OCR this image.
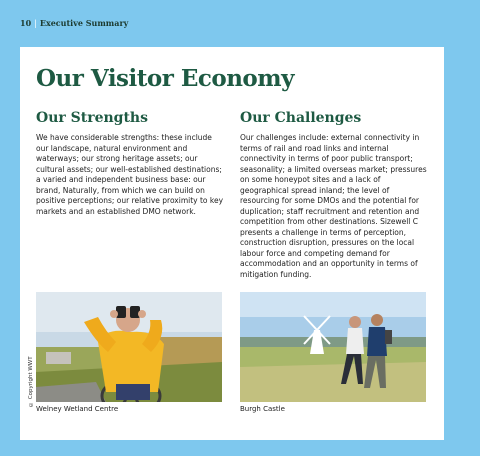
10 | Executive Summary
Our Visitor Economy
Our Strengths

We have considerable strengths: these include our landscape, natural environment and waterways; our strong heritage assets; our cultural assets; our well-established destinations; a varied and independent business base: our brand, Naturally, from which we can build on positive perceptions; our relative proximity to key markets and an established DMO network.

Our Challenges

Our challenges include: external connectivity in terms of rail and road links and internal connectivity in terms of poor public transport; seasonality; a limited overseas market; pressures on some honeypot sites and a lack of geographical spread inland; the level of resourcing for some DMOs and the potential for duplication; staff recruitment and retention and competition from other destinations. Sizewell C presents a challenge in terms of perception, construction disruption, pressures on the local labour force and competing demand for accommodation and an opportunity in terms of mitigation funding.

Welney Wetland Centre	Burgh Castle
© Copyright WWT
